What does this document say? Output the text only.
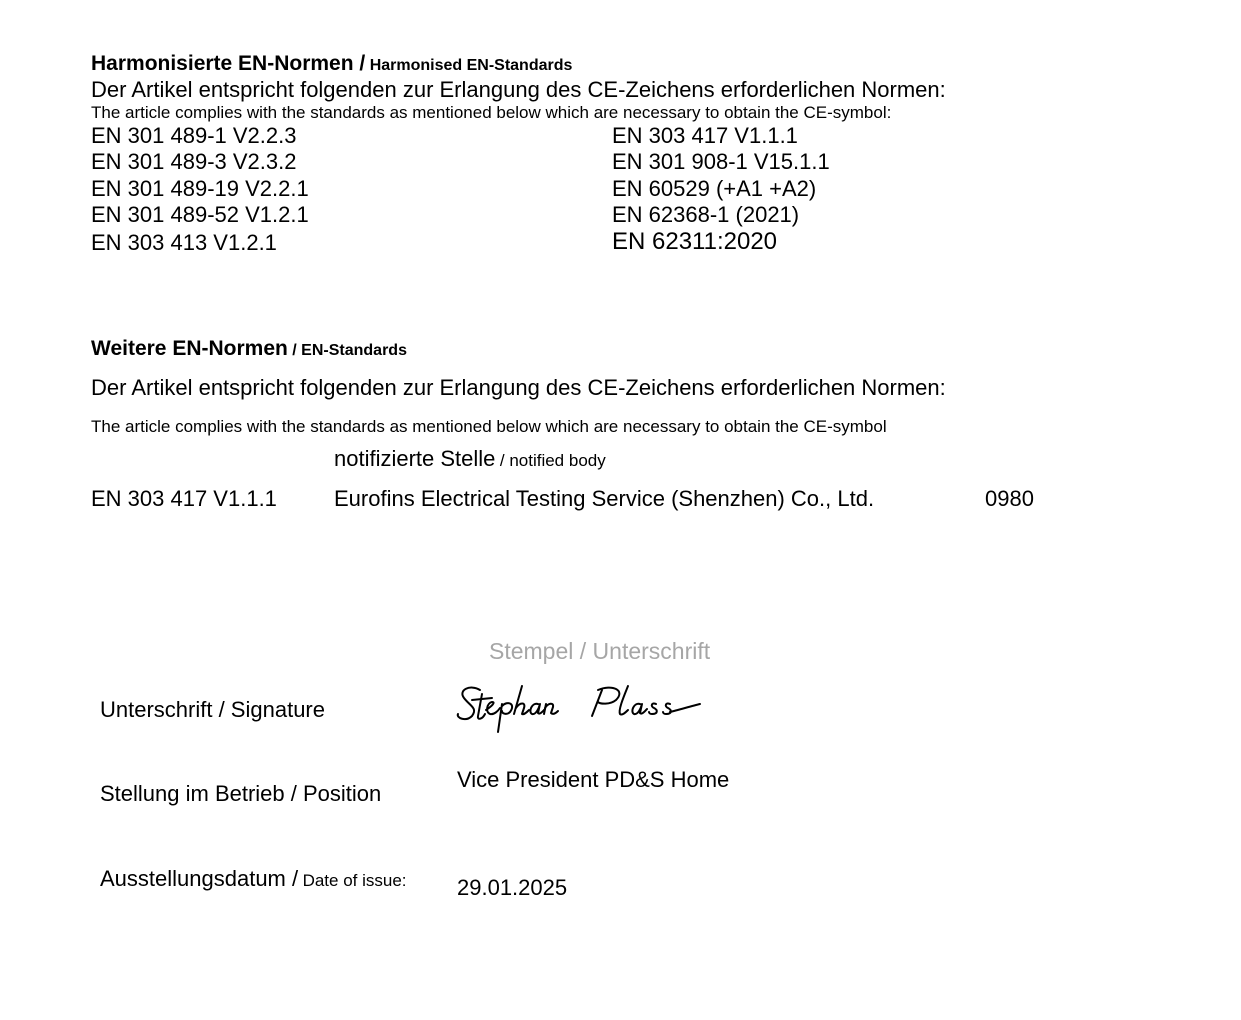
Harmonisierte EN-Normen / Harmonised EN-Standards
Der Artikel entspricht folgenden zur Erlangung des CE-Zeichens erforderlichen Normen:
The article complies with the standards as mentioned below which are necessary to obtain the CE-symbol:
EN 301 489-1 V2.2.3
EN 301 489-3 V2.3.2
EN 301 489-19 V2.2.1
EN 301 489-52 V1.2.1
EN 303 413 V1.2.1
EN 303 417 V1.1.1
EN 301 908-1 V15.1.1
EN 60529 (+A1 +A2)
EN 62368-1 (2021)
EN 62311:2020
Weitere EN-Normen / EN-Standards
Der Artikel entspricht folgenden zur Erlangung des CE-Zeichens erforderlichen Normen:
The article complies with the standards as mentioned below which are necessary to obtain the CE-symbol
notifizierte Stelle / notified body
EN 303 417 V1.1.1	Eurofins Electrical Testing Service (Shenzhen) Co., Ltd.	0980
Stempel / Unterschrift
Unterschrift / Signature
Vice President PD&S Home
Stellung im Betrieb / Position
Ausstellungsdatum / Date of issue: 29.01.2025
